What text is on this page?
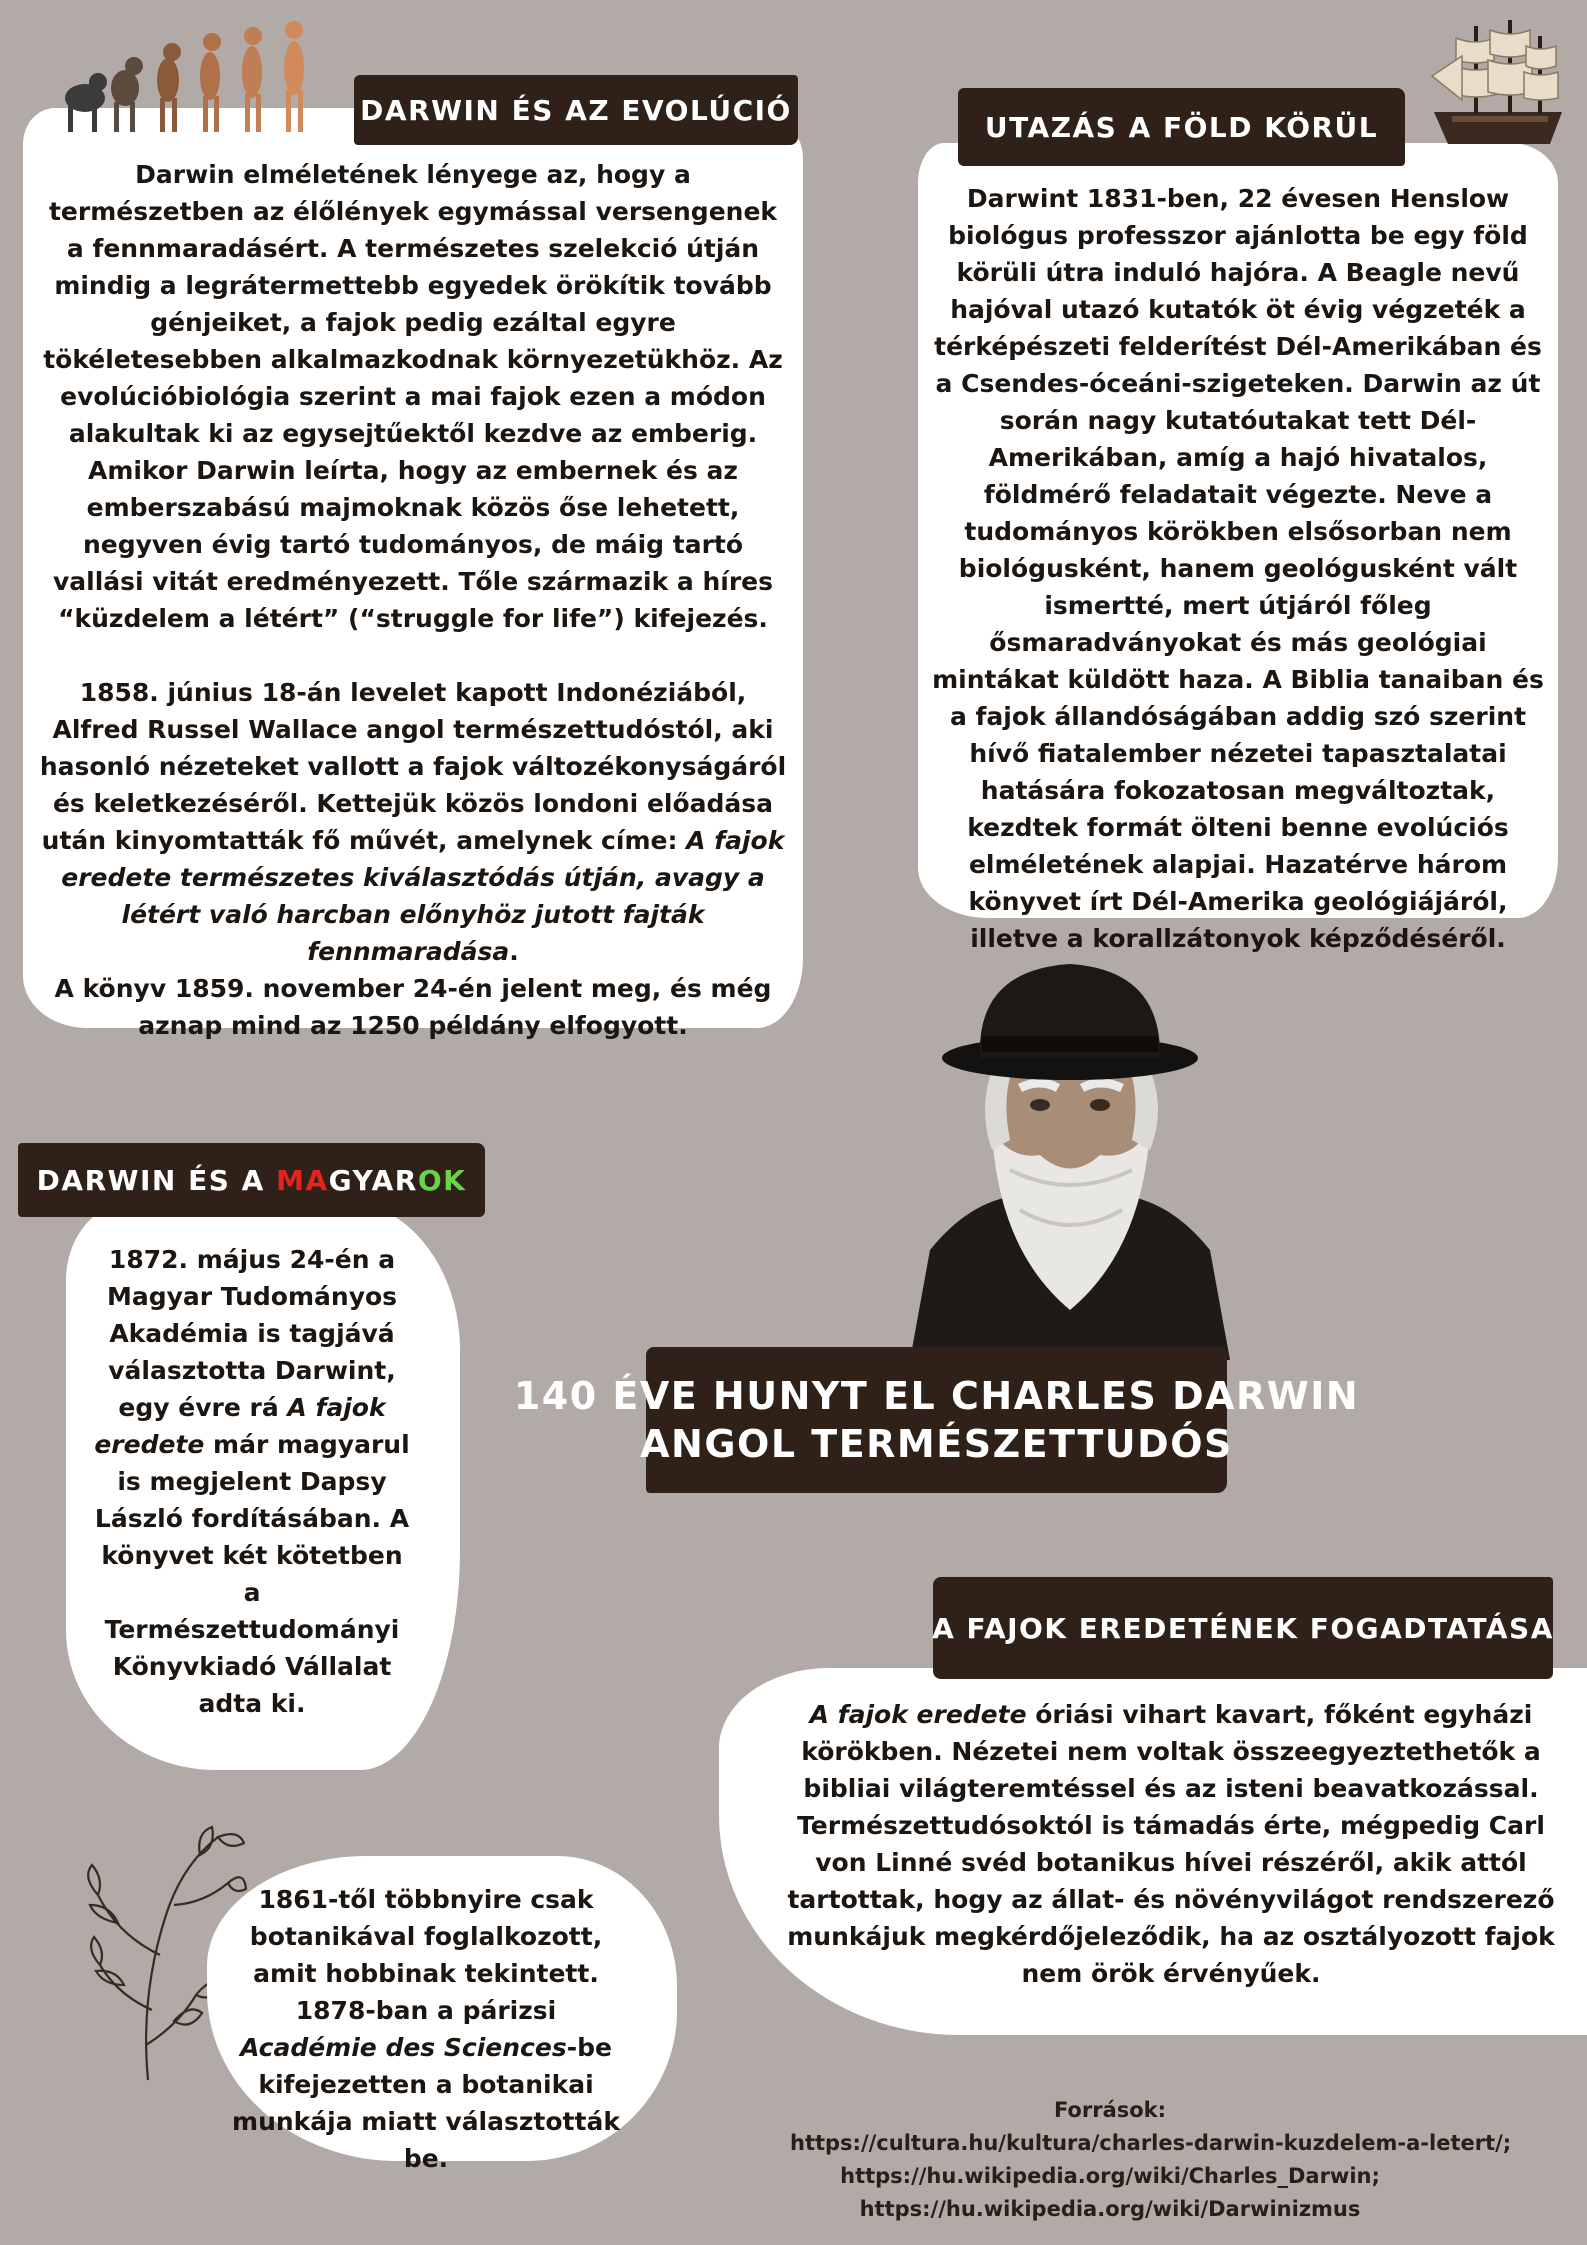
DARWIN ÉS AZ EVOLÚCIÓ

Darwin elméletének lényege az, hogy a természetben az élőlények egymással versengenek a fennmaradásért. A természetes szelekció útján mindig a legrátermettebb egyedek örökítik tovább génjeiket, a fajok pedig ezáltal egyre tökéletesebben alkalmazkodnak környezetükhöz. Az evolúcióbiológia szerint a mai fajok ezen a módon alakultak ki az egysejtűektől kezdve az emberig. Amikor Darwin leírta, hogy az embernek és az emberszabású majmoknak közös őse lehetett, negyven évig tartó tudományos, de máig tartó vallási vitát eredményezett. Tőle származik a híres “küzdelem a létért” (“struggle for life”) kifejezés.

1858. június 18-án levelet kapott Indonéziából, Alfred Russel Wallace angol természettudóstól, aki hasonló nézeteket vallott a fajok változékonyságáról és keletkezéséről. Kettejük közös londoni előadása után kinyomtatták fő művét, amelynek címe: A fajok eredete természetes kiválasztódás útján, avagy a létért való harcban előnyhöz jutott fajták fennmaradása.

A könyv 1859. november 24-én jelent meg, és még aznap mind az 1250 példány elfogyott.

UTAZÁS A FÖLD KÖRÜL

Darwint 1831-ben, 22 évesen Henslow biológus professzor ajánlotta be egy föld körüli útra induló hajóra. A Beagle nevű hajóval utazó kutatók öt évig végzeték a térképészeti felderítést Dél-Amerikában és a Csendes-óceáni-szigeteken. Darwin az út során nagy kutatóutakat tett Dél-Amerikában, amíg a hajó hivatalos, földmérő feladatait végezte. Neve a tudományos körökben elsősorban nem biológusként, hanem geológusként vált ismertté, mert útjáról főleg ősmaradványokat és más geológiai mintákat küldött haza. A Biblia tanaiban és a fajok állandóságában addig szó szerint hívő fiatalember nézetei tapasztalatai hatására fokozatosan megváltoztak, kezdtek formát ölteni benne evolúciós elméletének alapjai. Hazatérve három könyvet írt Dél-Amerika geológiájáról, illetve a korallzátonyok képződéséről.

140 ÉVE HUNYT EL CHARLES DARWIN
ANGOL TERMÉSZETTUDÓS
DARWIN ÉS A MAGYAROK

1872. május 24-én a Magyar Tudományos Akadémia is tagjává választotta Darwint, egy évre rá A fajok eredete már magyarul is megjelent Dapsy László fordításában. A könyvet két kötetben a Természettudományi Könyvkiadó Vállalat adta ki.

A FAJOK EREDETÉNEK FOGADTATÁSA

A fajok eredete óriási vihart kavart, főként egyházi körökben. Nézetei nem voltak összeegyeztethetők a bibliai világteremtéssel és az isteni beavatkozással. Természettudósoktól is támadás érte, mégpedig Carl von Linné svéd botanikus hívei részéről, akik attól tartottak, hogy az állat- és növényvilágot rendszerező munkájuk megkérdőjeleződik, ha az osztályozott fajok nem örök érvényűek.

1861-től többnyire csak botanikával foglalkozott, amit hobbinak tekintett. 1878-ban a párizsi Académie des Sciences-be kifejezetten a botanikai munkája miatt választották be.

Források:
https://cultura.hu/kultura/charles-darwin-kuzdelem-a-letert/;
https://hu.wikipedia.org/wiki/Charles_Darwin;
https://hu.wikipedia.org/wiki/Darwinizmus
